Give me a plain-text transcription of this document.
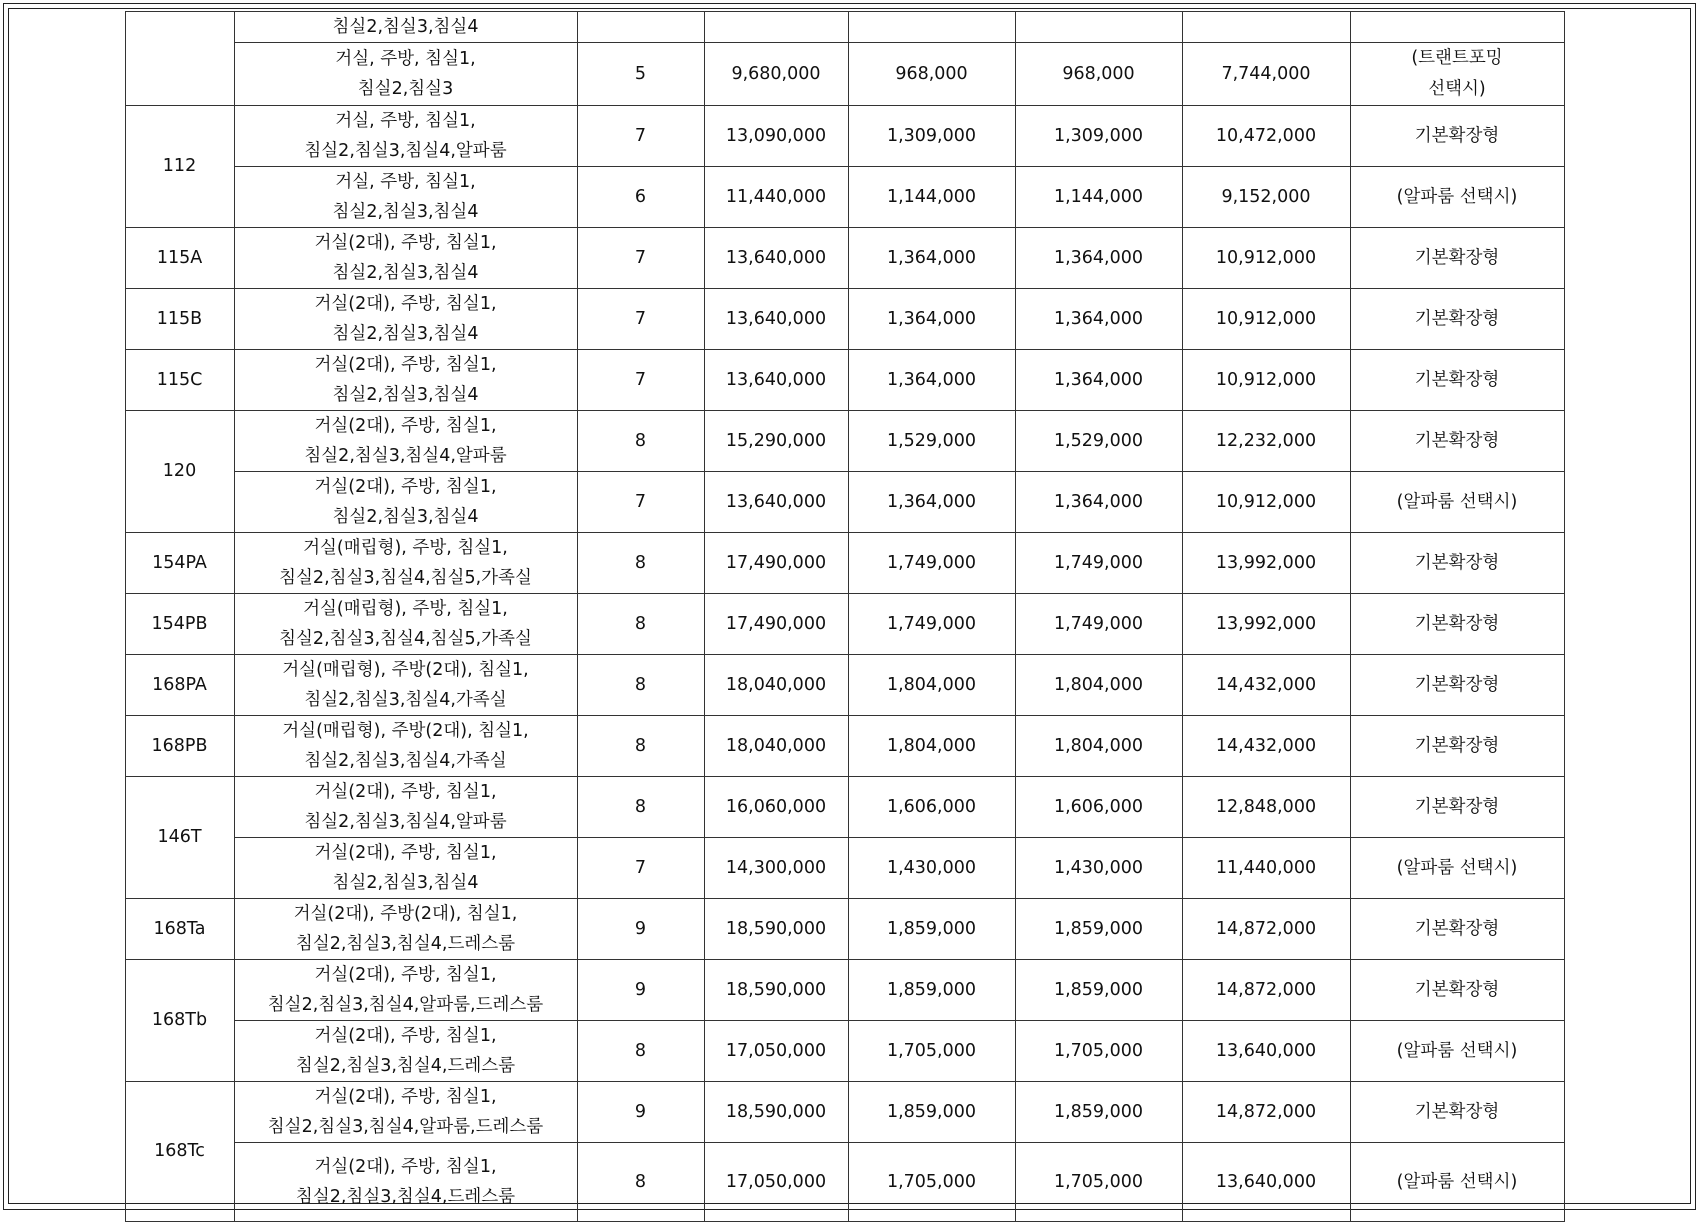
		침실2,침실3,침실4						

		거실, 주방, 침실1,
침실2,침실3	5	9,680,000	968,000	968,000	7,744,000	(트랜트포밍
선택시)

	112	거실, 주방, 침실1,
침실2,침실3,침실4,알파룸	7	13,090,000	1,309,000	1,309,000	10,472,000	기본확장형

		거실, 주방, 침실1,
침실2,침실3,침실4	6	11,440,000	1,144,000	1,144,000	9,152,000	(알파룸 선택시)

	115A	거실(2대), 주방, 침실1,
침실2,침실3,침실4	7	13,640,000	1,364,000	1,364,000	10,912,000	기본확장형

	115B	거실(2대), 주방, 침실1,
침실2,침실3,침실4	7	13,640,000	1,364,000	1,364,000	10,912,000	기본확장형

	115C	거실(2대), 주방, 침실1,
침실2,침실3,침실4	7	13,640,000	1,364,000	1,364,000	10,912,000	기본확장형

	120	거실(2대), 주방, 침실1,
침실2,침실3,침실4,알파룸	8	15,290,000	1,529,000	1,529,000	12,232,000	기본확장형

		거실(2대), 주방, 침실1,
침실2,침실3,침실4	7	13,640,000	1,364,000	1,364,000	10,912,000	(알파룸 선택시)

	154PA	거실(매립형), 주방, 침실1,
침실2,침실3,침실4,침실5,가족실	8	17,490,000	1,749,000	1,749,000	13,992,000	기본확장형

	154PB	거실(매립형), 주방, 침실1,
침실2,침실3,침실4,침실5,가족실	8	17,490,000	1,749,000	1,749,000	13,992,000	기본확장형

	168PA	거실(매립형), 주방(2대), 침실1,
침실2,침실3,침실4,가족실	8	18,040,000	1,804,000	1,804,000	14,432,000	기본확장형

	168PB	거실(매립형), 주방(2대), 침실1,
침실2,침실3,침실4,가족실	8	18,040,000	1,804,000	1,804,000	14,432,000	기본확장형

	146T	거실(2대), 주방, 침실1,
침실2,침실3,침실4,알파룸	8	16,060,000	1,606,000	1,606,000	12,848,000	기본확장형

		거실(2대), 주방, 침실1,
침실2,침실3,침실4	7	14,300,000	1,430,000	1,430,000	11,440,000	(알파룸 선택시)

	168Ta	거실(2대), 주방(2대), 침실1,
침실2,침실3,침실4,드레스룸	9	18,590,000	1,859,000	1,859,000	14,872,000	기본확장형

	168Tb	거실(2대), 주방, 침실1,
침실2,침실3,침실4,알파룸,드레스룸	9	18,590,000	1,859,000	1,859,000	14,872,000	기본확장형

		거실(2대), 주방, 침실1,
침실2,침실3,침실4,드레스룸	8	17,050,000	1,705,000	1,705,000	13,640,000	(알파룸 선택시)

	168Tc	거실(2대), 주방, 침실1,
침실2,침실3,침실4,알파룸,드레스룸	9	18,590,000	1,859,000	1,859,000	14,872,000	기본확장형

		거실(2대), 주방, 침실1,
침실2,침실3,침실4,드레스룸	8	17,050,000	1,705,000	1,705,000	13,640,000	(알파룸 선택시)
